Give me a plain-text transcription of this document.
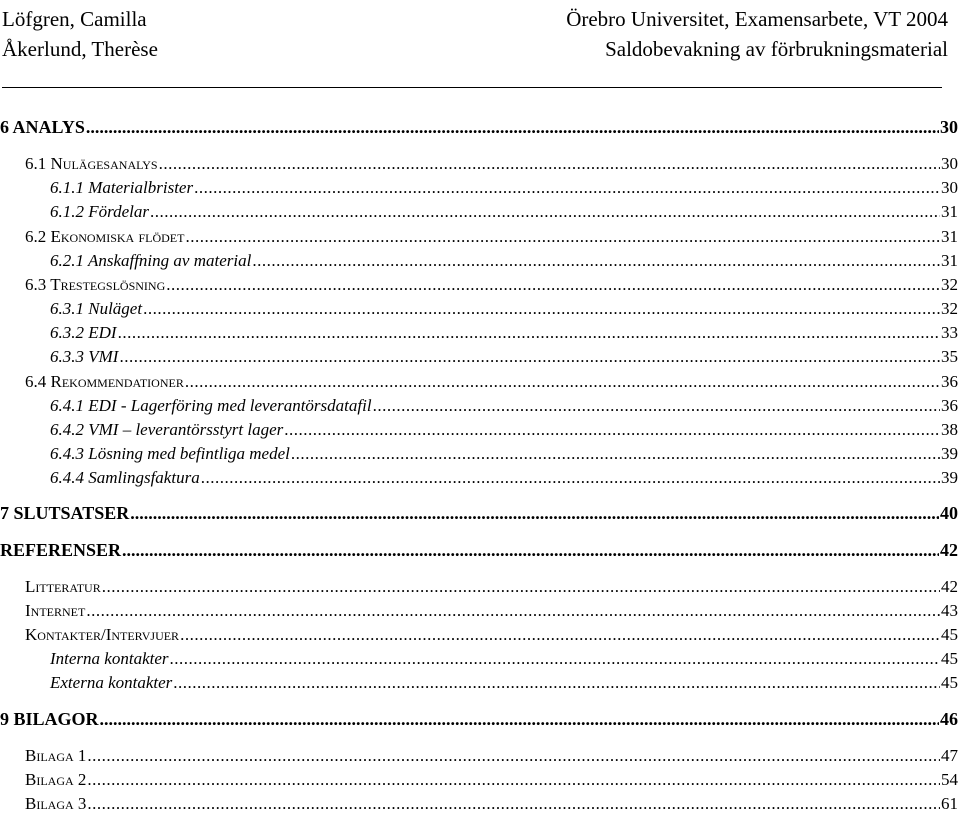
Löfgren, Camilla
Åkerlund, Therèse
Örebro Universitet, Examensarbete, VT 2004
Saldobevakning av förbrukningsmaterial
6 ANALYS .....	30
6.1 Nulägesanalys .....	30
6.1.1 Materialbrister .....	30
6.1.2 Fördelar .....	31
6.2 Ekonomiska flödet .....	31
6.2.1 Anskaffning av material .....	31
6.3 Trestegslösning .....	32
6.3.1 Nuläget .....	32
6.3.2 EDI .....	33
6.3.3 VMI .....	35
6.4 Rekommendationer .....	36
6.4.1 EDI - Lagerföring med leverantörsdatafil .....	36
6.4.2 VMI – leverantörsstyrt lager .....	38
6.4.3 Lösning med befintliga medel .....	39
6.4.4 Samlingsfaktura .....	39
7 SLUTSATSER .....	40
REFERENSER .....	42
Litteratur .....	42
Internet .....	43
Kontakter/Intervjuer .....	45
Interna kontakter .....	45
Externa kontakter .....	45
9 BILAGOR .....	46
Bilaga 1 .....	47
Bilaga 2 .....	54
Bilaga 3 .....	61
